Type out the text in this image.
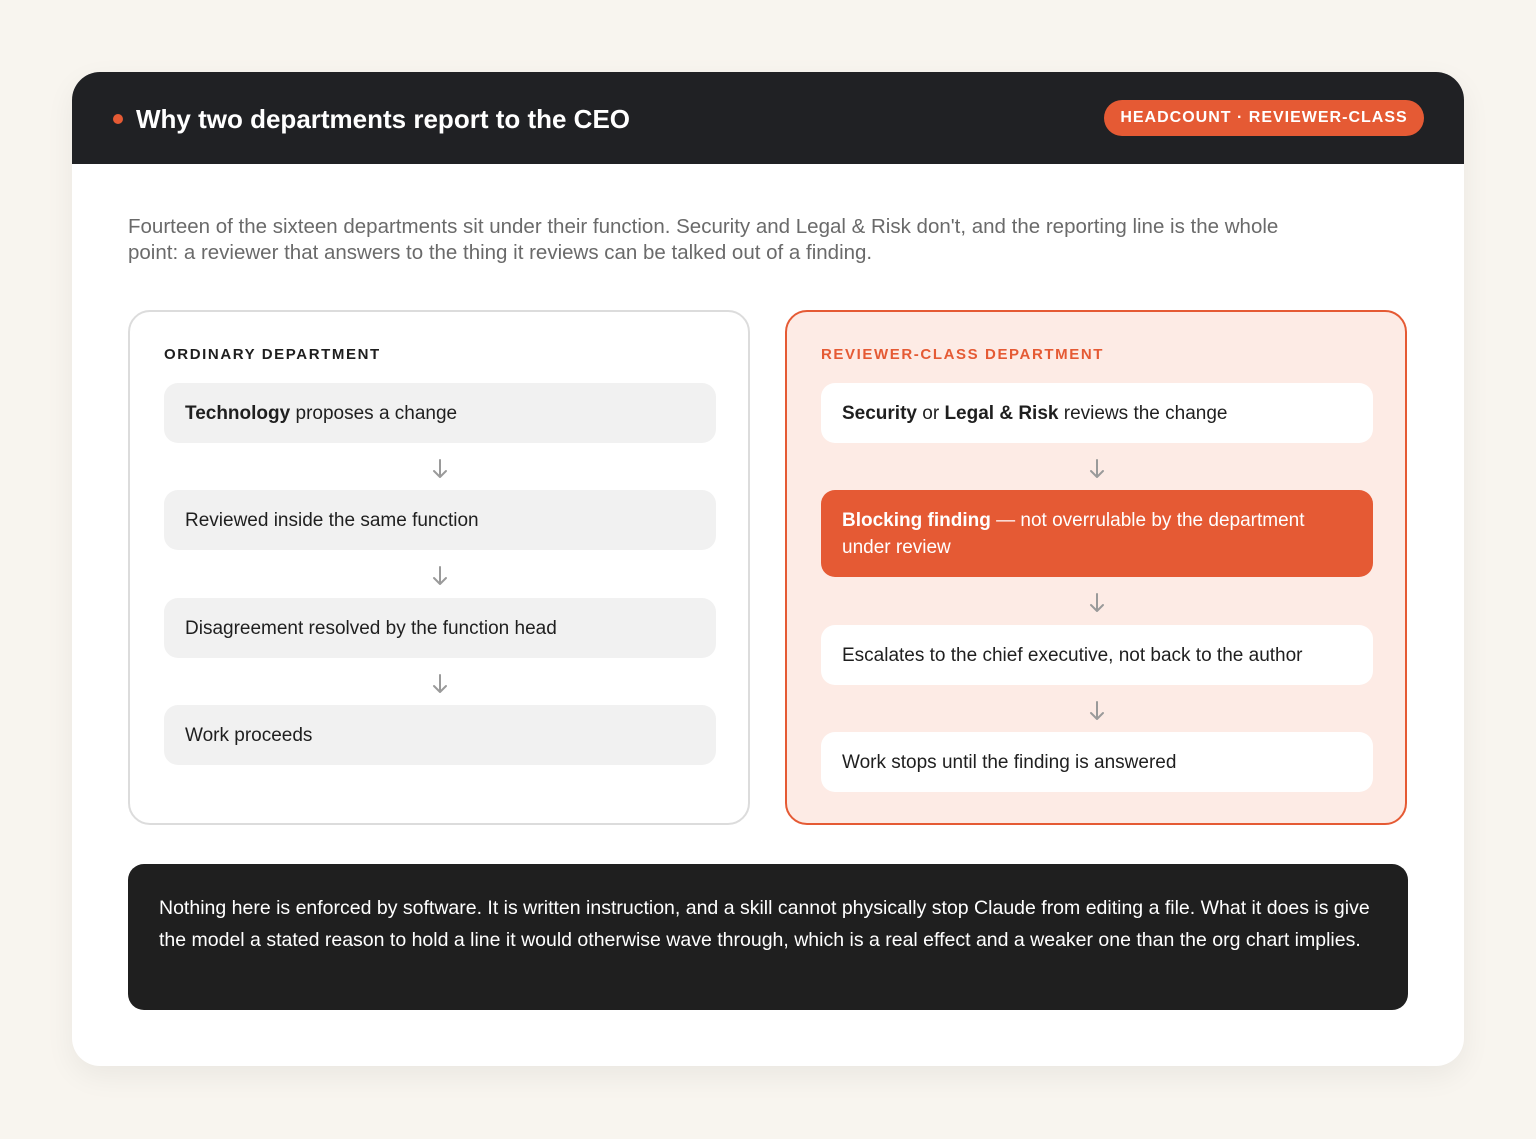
Why two departments report to the CEO	HEADCOUNT · REVIEWER-CLASS

Fourteen of the sixteen departments sit under their function. Security and Legal & Risk don't, and the reporting line is the whole point: a reviewer that answers to the thing it reviews can be talked out of a finding.

ORDINARY DEPARTMENT
Technology proposes a change
Reviewed inside the same function
Disagreement resolved by the function head
Work proceeds
REVIEWER-CLASS DEPARTMENT
Security or Legal & Risk reviews the change
Blocking finding — not overrulable by the department under review
Escalates to the chief executive, not back to the author
Work stops until the finding is answered
Nothing here is enforced by software. It is written instruction, and a skill cannot physically stop Claude from editing a file. What it does is give the model a stated reason to hold a line it would otherwise wave through, which is a real effect and a weaker one than the org chart implies.
